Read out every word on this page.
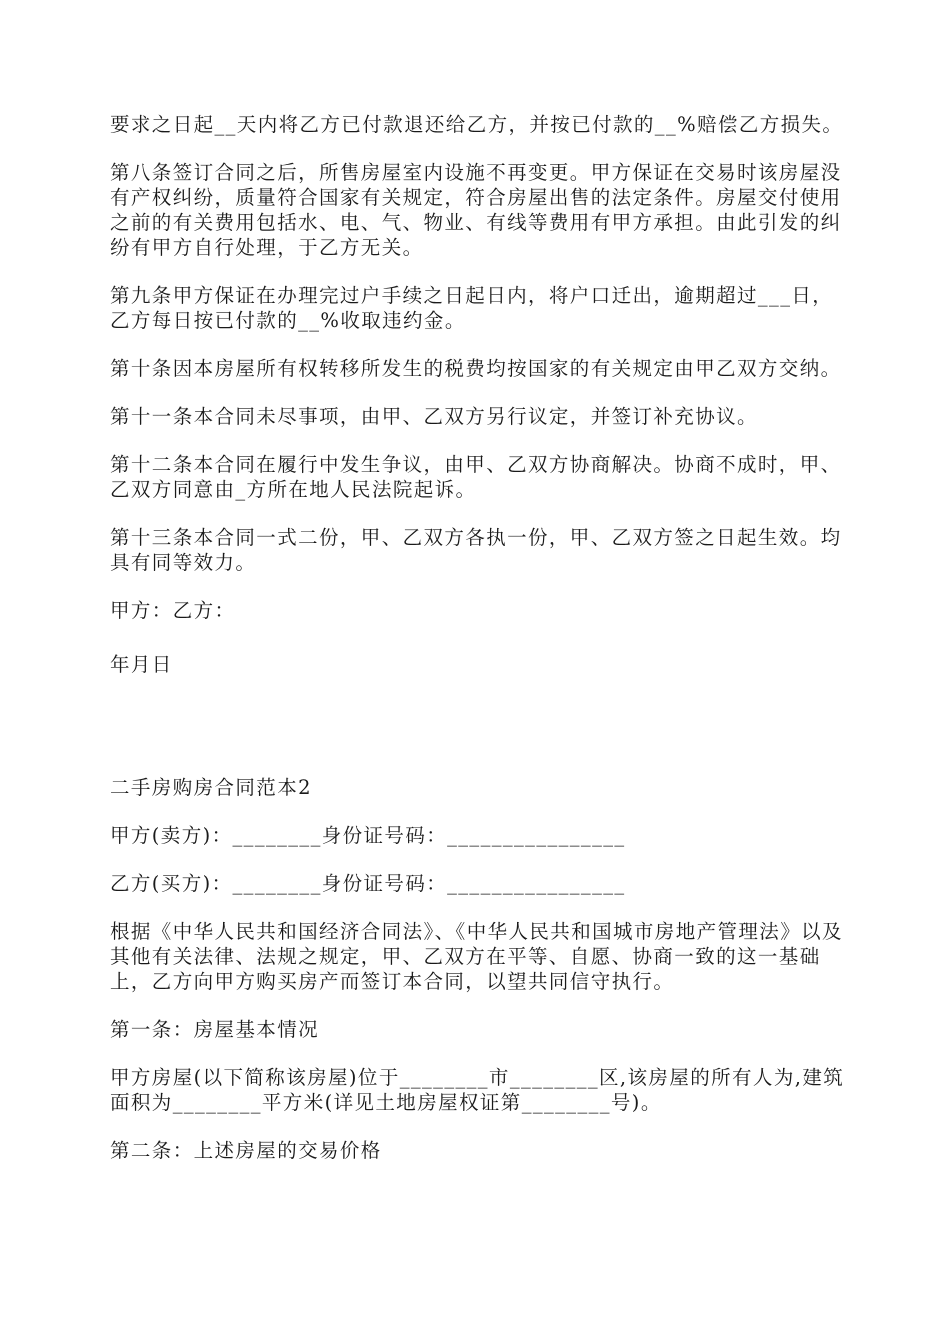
要求之日起__天内将乙方已付款退还给乙方，并按已付款的__%赔偿乙方损失。

第八条签订合同之后，所售房屋室内设施不再变更。甲方保证在交易时该房屋没有产权纠纷，质量符合国家有关规定，符合房屋出售的法定条件。房屋交付使用之前的有关费用包括水、电、气、物业、有线等费用有甲方承担。由此引发的纠纷有甲方自行处理，于乙方无关。

第九条甲方保证在办理完过户手续之日起日内，将户口迁出，逾期超过___日，乙方每日按已付款的__%收取违约金。

第十条因本房屋所有权转移所发生的税费均按国家的有关规定由甲乙双方交纳。

第十一条本合同未尽事项，由甲、乙双方另行议定，并签订补充协议。

第十二条本合同在履行中发生争议，由甲、乙双方协商解决。协商不成时，甲、乙双方同意由_方所在地人民法院起诉。

第十三条本合同一式二份，甲、乙双方各执一份，甲、乙双方签之日起生效。均具有同等效力。

甲方：乙方：

年月日

二手房购房合同范本2

甲方(卖方)：________身份证号码：________________

乙方(买方)：________身份证号码：________________

根据《中华人民共和国经济合同法》、《中华人民共和国城市房地产管理法》以及其他有关法律、法规之规定，甲、乙双方在平等、自愿、协商一致的这一基础上，乙方向甲方购买房产而签订本合同，以望共同信守执行。

第一条：房屋基本情况

甲方房屋(以下简称该房屋)位于________市________区,该房屋的所有人为,建筑面积为________平方米(详见土地房屋权证第________号)。

第二条：上述房屋的交易价格
